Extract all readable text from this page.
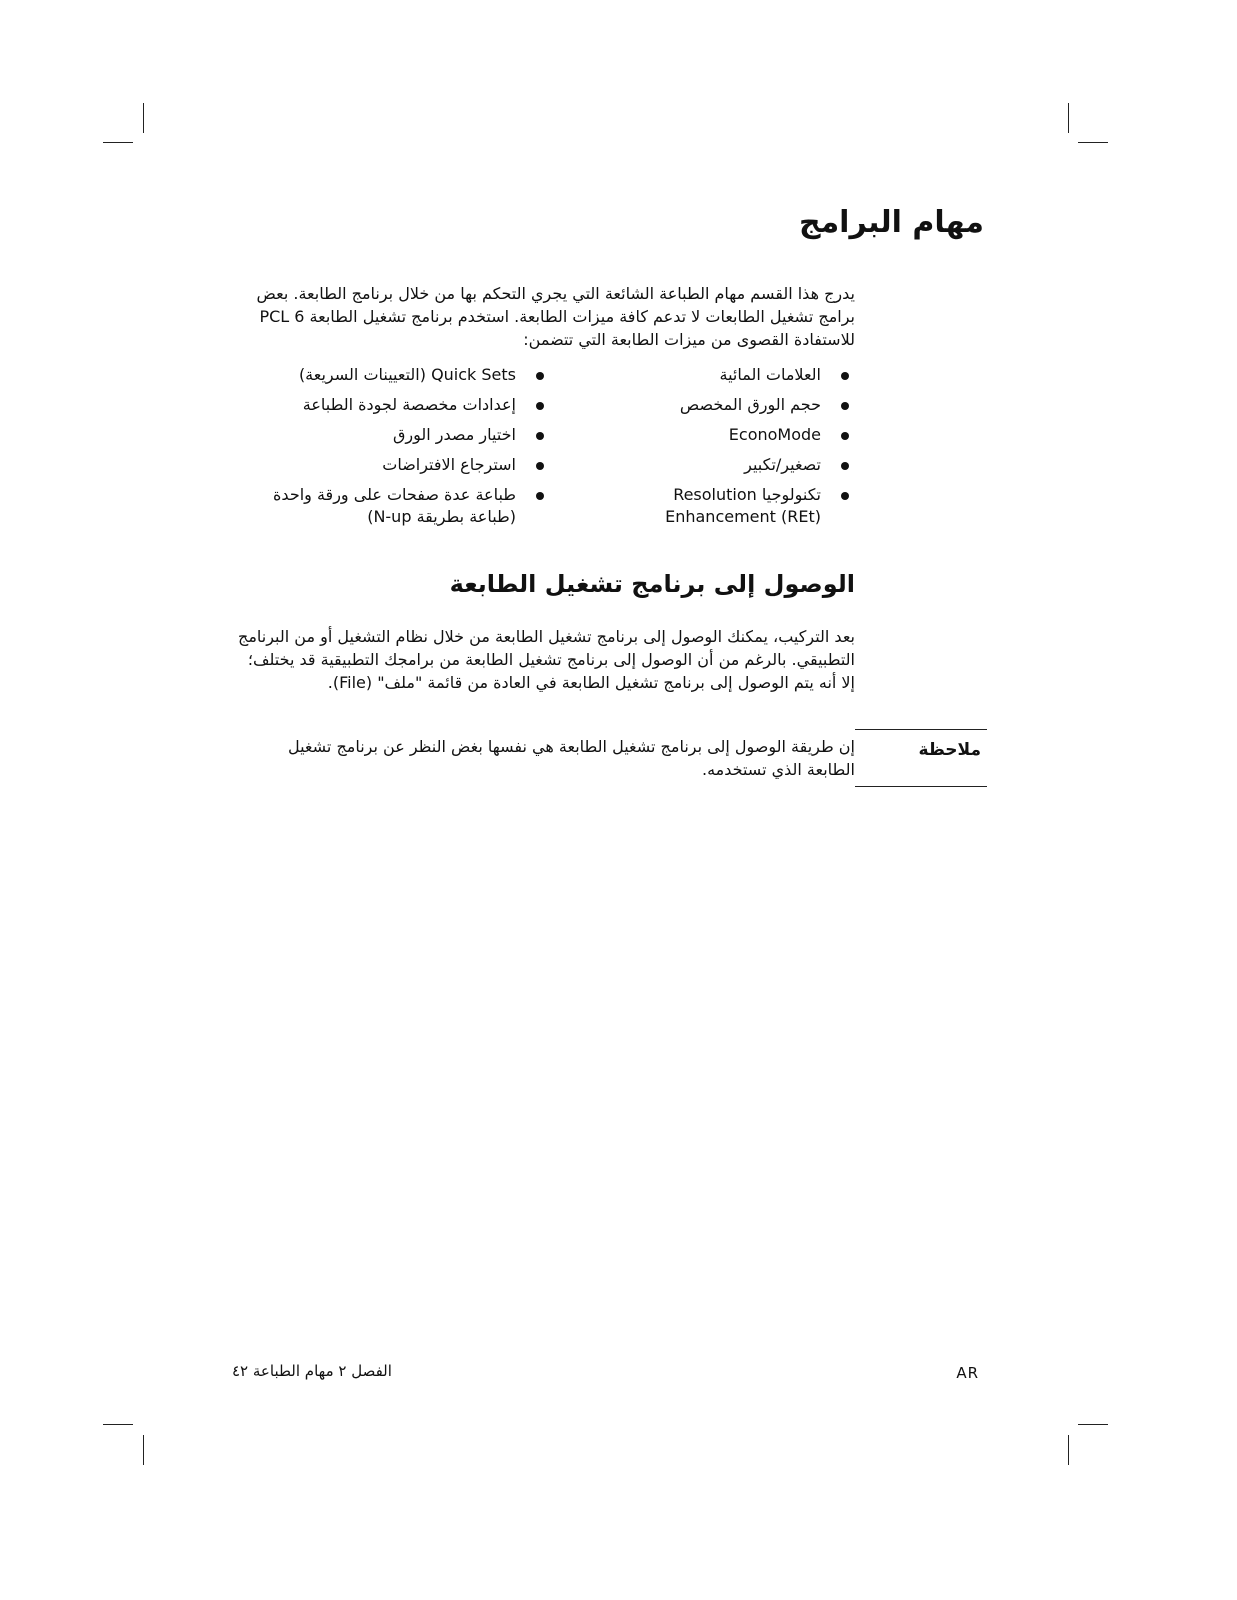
مهام البرامج

يدرج هذا القسم مهام الطباعة الشائعة التي يجري التحكم بها من خلال برنامج الطابعة. بعض برامج تشغيل الطابعات لا تدعم كافة ميزات الطابعة. استخدم برنامج تشغيل الطابعة PCL 6 للاستفادة القصوى من ميزات الطابعة التي تتضمن:

العلامات المائية
Quick Sets (التعيينات السريعة)
حجم الورق المخصص
إعدادات مخصصة لجودة الطباعة
EconoMode
اختيار مصدر الورق
تصغير/تكبير
استرجاع الافتراضات
تكنولوجيا Resolution Enhancement (REt)
طباعة عدة صفحات على ورقة واحدة (طباعة بطريقة N-up)
الوصول إلى برنامج تشغيل الطابعة

بعد التركيب، يمكنك الوصول إلى برنامج تشغيل الطابعة من خلال نظام التشغيل أو من البرنامج التطبيقي. بالرغم من أن الوصول إلى برنامج تشغيل الطابعة من برامجك التطبيقية قد يختلف؛ إلا أنه يتم الوصول إلى برنامج تشغيل الطابعة في العادة من قائمة "ملف" (File).

ملاحظة

إن طريقة الوصول إلى برنامج تشغيل الطابعة هي نفسها بغض النظر عن برنامج تشغيل الطابعة الذي تستخدمه.

الفصل ٢ مهام الطباعة ٤٢	AR
